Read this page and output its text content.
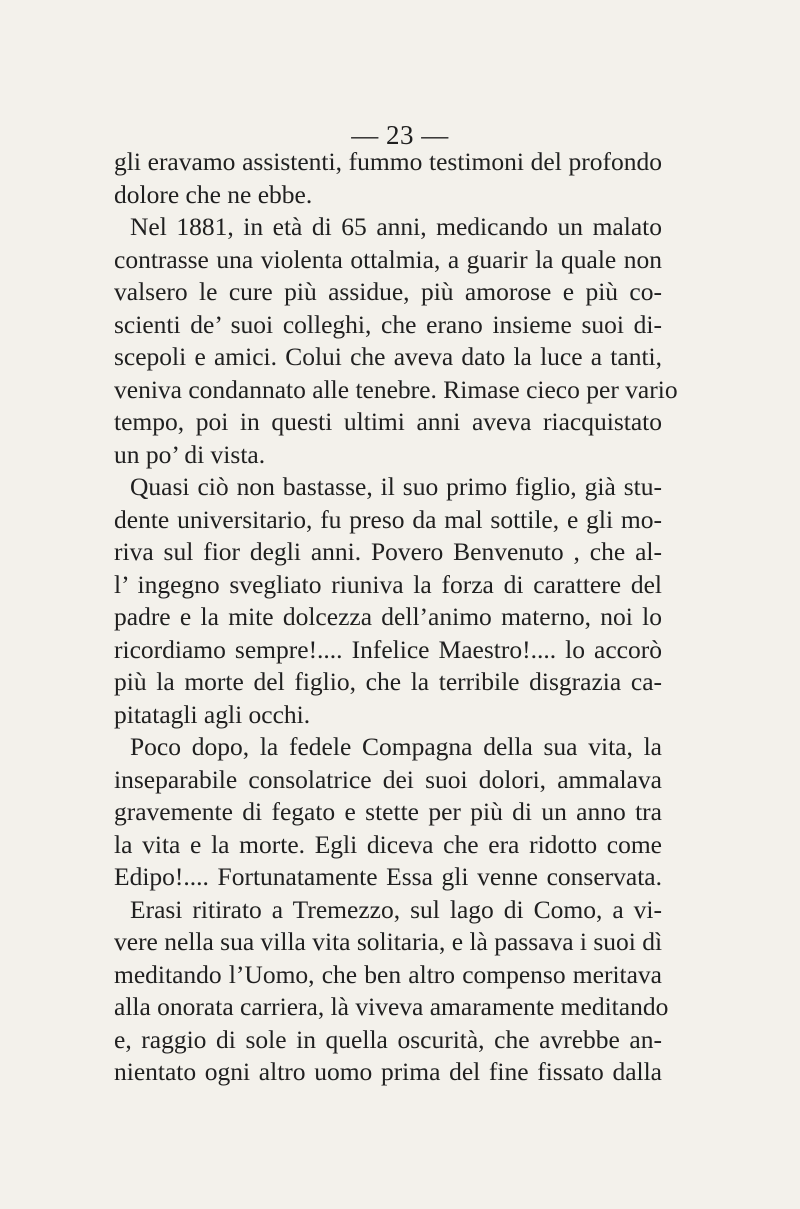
— 23 —
gli eravamo assistenti, fummo testimoni del profondo
dolore che ne ebbe.
Nel 1881, in età di 65 anni, medicando un malato
contrasse una violenta ottalmia, a guarir la quale non
valsero le cure più assidue, più amorose e più co-
scienti de’ suoi colleghi, che erano insieme suoi di-
scepoli e amici. Colui che aveva dato la luce a tanti,
veniva condannato alle tenebre. Rimase cieco per vario
tempo, poi in questi ultimi anni aveva riacquistato
un po’ di vista.
Quasi ciò non bastasse, il suo primo figlio, già stu-
dente universitario, fu preso da mal sottile, e gli mo-
riva sul fior degli anni. Povero Benvenuto , che al-
l’ ingegno svegliato riuniva la forza di carattere del
padre e la mite dolcezza dell’animo materno, noi lo
ricordiamo sempre!.... Infelice Maestro!.... lo accorò
più la morte del figlio, che la terribile disgrazia ca-
pitatagli agli occhi.
Poco dopo, la fedele Compagna della sua vita, la
inseparabile consolatrice dei suoi dolori, ammalava
gravemente di fegato e stette per più di un anno tra
la vita e la morte. Egli diceva che era ridotto come
Edipo!.... Fortunatamente Essa gli venne conservata.
Erasi ritirato a Tremezzo, sul lago di Como, a vi-
vere nella sua villa vita solitaria, e là passava i suoi dì
meditando l’Uomo, che ben altro compenso meritava
alla onorata carriera, là viveva amaramente meditando
e, raggio di sole in quella oscurità, che avrebbe an-
nientato ogni altro uomo prima del fine fissato dalla
